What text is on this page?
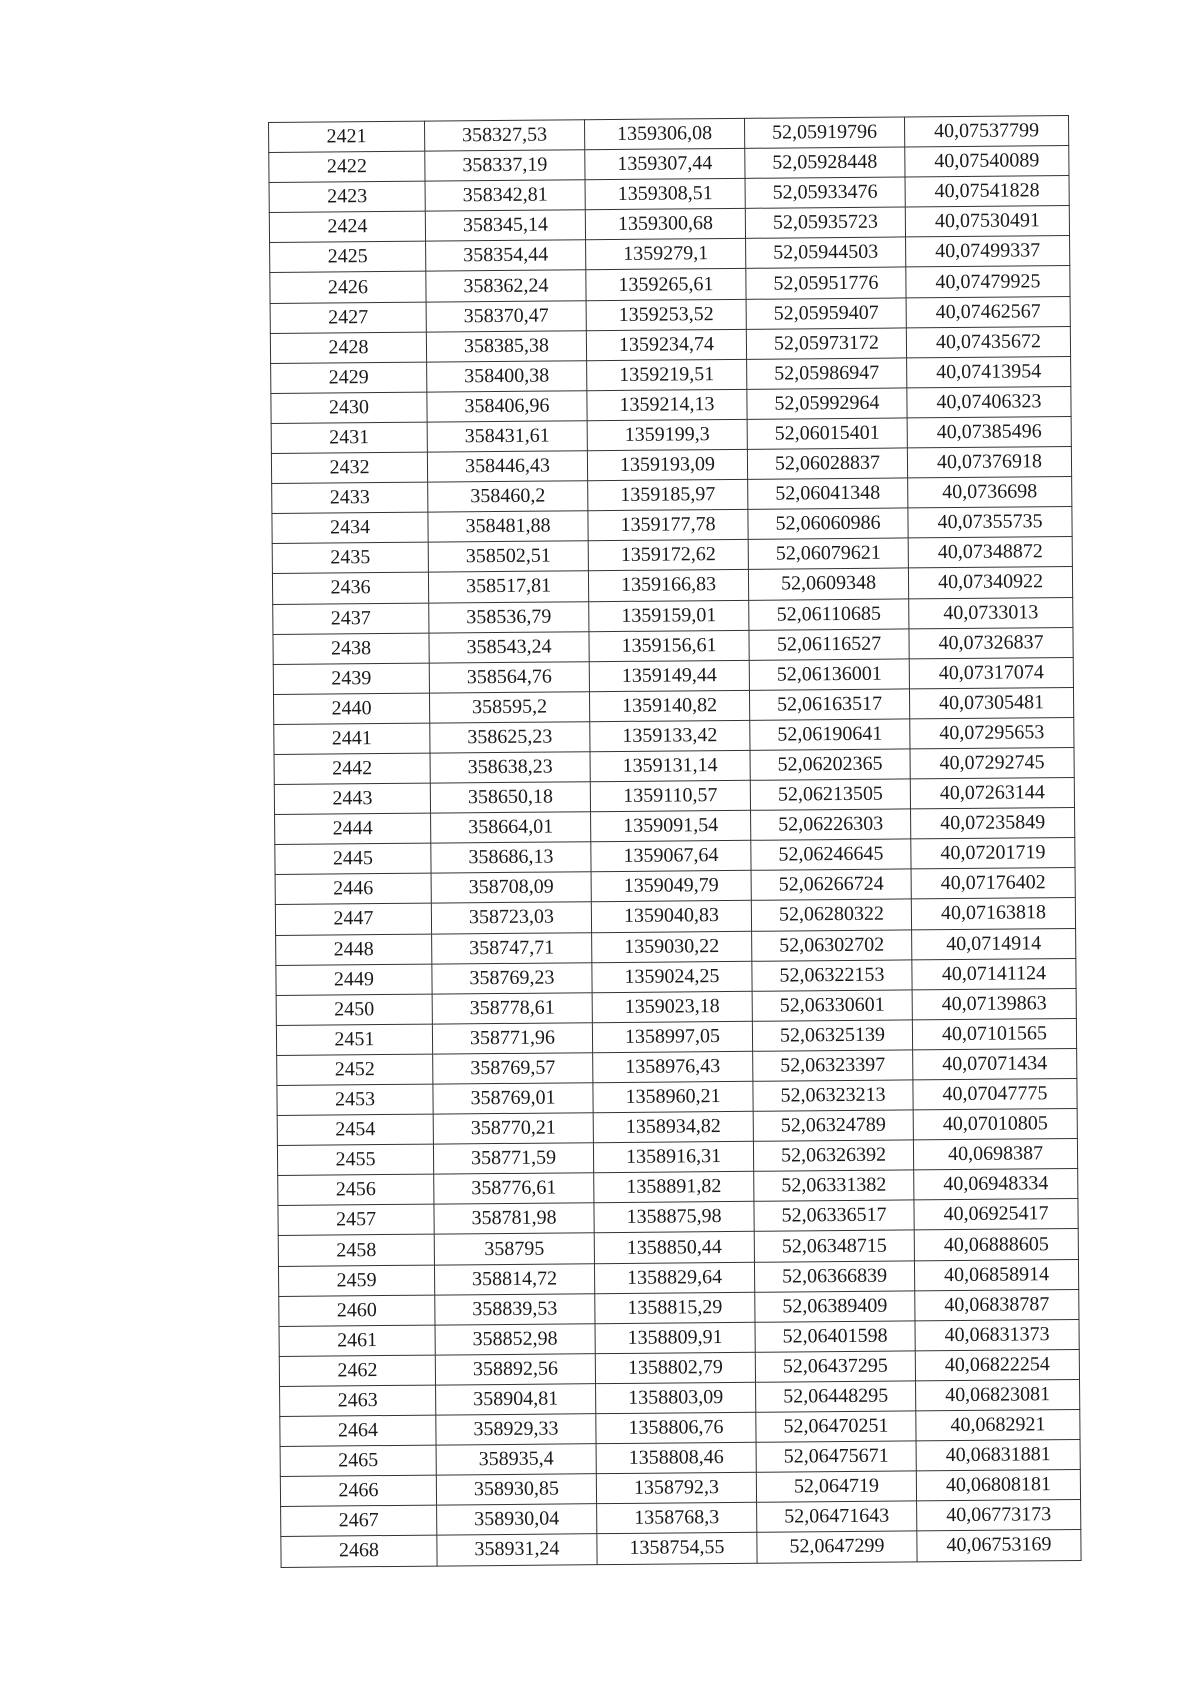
2421	358327,53	1359306,08	52,05919796	40,07537799
2422	358337,19	1359307,44	52,05928448	40,07540089
2423	358342,81	1359308,51	52,05933476	40,07541828
2424	358345,14	1359300,68	52,05935723	40,07530491
2425	358354,44	1359279,1	52,05944503	40,07499337
2426	358362,24	1359265,61	52,05951776	40,07479925
2427	358370,47	1359253,52	52,05959407	40,07462567
2428	358385,38	1359234,74	52,05973172	40,07435672
2429	358400,38	1359219,51	52,05986947	40,07413954
2430	358406,96	1359214,13	52,05992964	40,07406323
2431	358431,61	1359199,3	52,06015401	40,07385496
2432	358446,43	1359193,09	52,06028837	40,07376918
2433	358460,2	1359185,97	52,06041348	40,0736698
2434	358481,88	1359177,78	52,06060986	40,07355735
2435	358502,51	1359172,62	52,06079621	40,07348872
2436	358517,81	1359166,83	52,0609348	40,07340922
2437	358536,79	1359159,01	52,06110685	40,0733013
2438	358543,24	1359156,61	52,06116527	40,07326837
2439	358564,76	1359149,44	52,06136001	40,07317074
2440	358595,2	1359140,82	52,06163517	40,07305481
2441	358625,23	1359133,42	52,06190641	40,07295653
2442	358638,23	1359131,14	52,06202365	40,07292745
2443	358650,18	1359110,57	52,06213505	40,07263144
2444	358664,01	1359091,54	52,06226303	40,07235849
2445	358686,13	1359067,64	52,06246645	40,07201719
2446	358708,09	1359049,79	52,06266724	40,07176402
2447	358723,03	1359040,83	52,06280322	40,07163818
2448	358747,71	1359030,22	52,06302702	40,0714914
2449	358769,23	1359024,25	52,06322153	40,07141124
2450	358778,61	1359023,18	52,06330601	40,07139863
2451	358771,96	1358997,05	52,06325139	40,07101565
2452	358769,57	1358976,43	52,06323397	40,07071434
2453	358769,01	1358960,21	52,06323213	40,07047775
2454	358770,21	1358934,82	52,06324789	40,07010805
2455	358771,59	1358916,31	52,06326392	40,0698387
2456	358776,61	1358891,82	52,06331382	40,06948334
2457	358781,98	1358875,98	52,06336517	40,06925417
2458	358795	1358850,44	52,06348715	40,06888605
2459	358814,72	1358829,64	52,06366839	40,06858914
2460	358839,53	1358815,29	52,06389409	40,06838787
2461	358852,98	1358809,91	52,06401598	40,06831373
2462	358892,56	1358802,79	52,06437295	40,06822254
2463	358904,81	1358803,09	52,06448295	40,06823081
2464	358929,33	1358806,76	52,06470251	40,0682921
2465	358935,4	1358808,46	52,06475671	40,06831881
2466	358930,85	1358792,3	52,064719	40,06808181
2467	358930,04	1358768,3	52,06471643	40,06773173
2468	358931,24	1358754,55	52,0647299	40,06753169
